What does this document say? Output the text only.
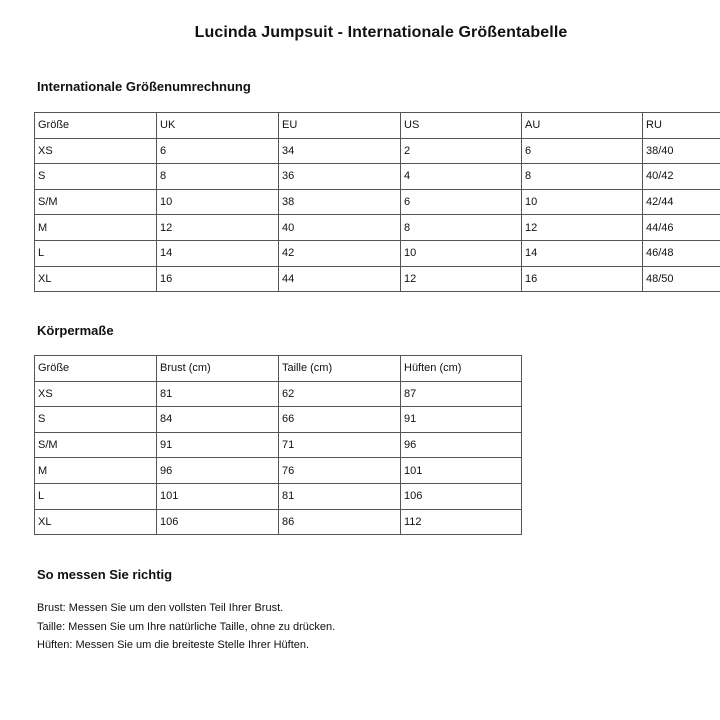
Lucinda Jumpsuit - Internationale Größentabelle
Internationale Größenumrechnung
Größe	UK	EU	US	AU	RU
XS	6	34	2	6	38/40
S	8	36	4	8	40/42
S/M	10	38	6	10	42/44
M	12	40	8	12	44/46
L	14	42	10	14	46/48
XL	16	44	12	16	48/50
Körpermaße
Größe	Brust (cm)	Taille (cm)	Hüften (cm)
XS	81	62	87
S	84	66	91
S/M	91	71	96
M	96	76	101
L	101	81	106
XL	106	86	112
So messen Sie richtig
Brust: Messen Sie um den vollsten Teil Ihrer Brust.
Taille: Messen Sie um Ihre natürliche Taille, ohne zu drücken.
Hüften: Messen Sie um die breiteste Stelle Ihrer Hüften.
